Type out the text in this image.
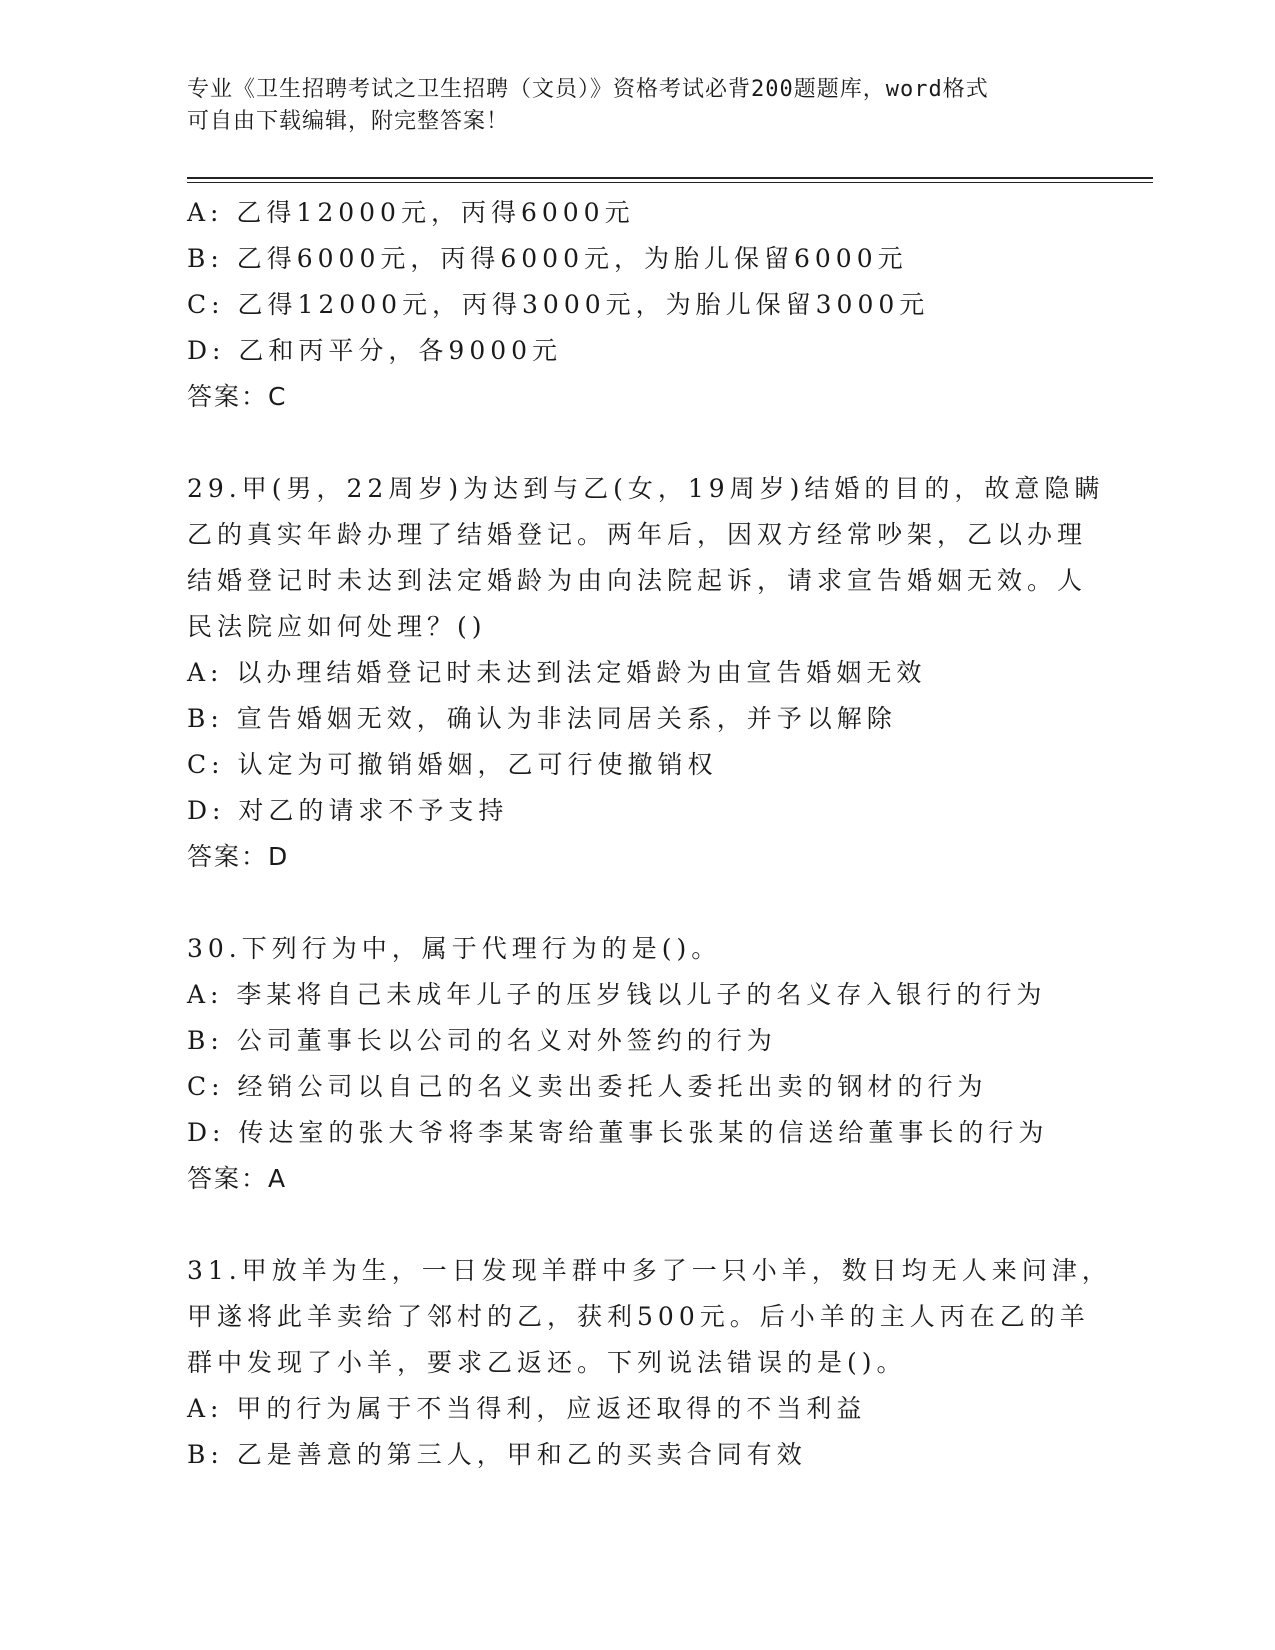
专业《卫生招聘考试之卫生招聘（文员）》资格考试必背200题题库，word格式
可自由下载编辑，附完整答案！
A: 乙得12000元，丙得6000元
B: 乙得6000元，丙得6000元，为胎儿保留6000元
C: 乙得12000元，丙得3000元，为胎儿保留3000元
D: 乙和丙平分，各9000元
答案：C
29.甲(男，22周岁)为达到与乙(女，19周岁)结婚的目的，故意隐瞒
乙的真实年龄办理了结婚登记。两年后，因双方经常吵架，乙以办理
结婚登记时未达到法定婚龄为由向法院起诉，请求宣告婚姻无效。人
民法院应如何处理？()
A: 以办理结婚登记时未达到法定婚龄为由宣告婚姻无效
B: 宣告婚姻无效，确认为非法同居关系，并予以解除
C: 认定为可撤销婚姻，乙可行使撤销权
D: 对乙的请求不予支持
答案：D
30.下列行为中，属于代理行为的是()。
A: 李某将自己未成年儿子的压岁钱以儿子的名义存入银行的行为
B: 公司董事长以公司的名义对外签约的行为
C: 经销公司以自己的名义卖出委托人委托出卖的钢材的行为
D: 传达室的张大爷将李某寄给董事长张某的信送给董事长的行为
答案：A
31.甲放羊为生，一日发现羊群中多了一只小羊，数日均无人来问津，
甲遂将此羊卖给了邻村的乙，获利500元。后小羊的主人丙在乙的羊
群中发现了小羊，要求乙返还。下列说法错误的是()。
A: 甲的行为属于不当得利，应返还取得的不当利益
B: 乙是善意的第三人，甲和乙的买卖合同有效
